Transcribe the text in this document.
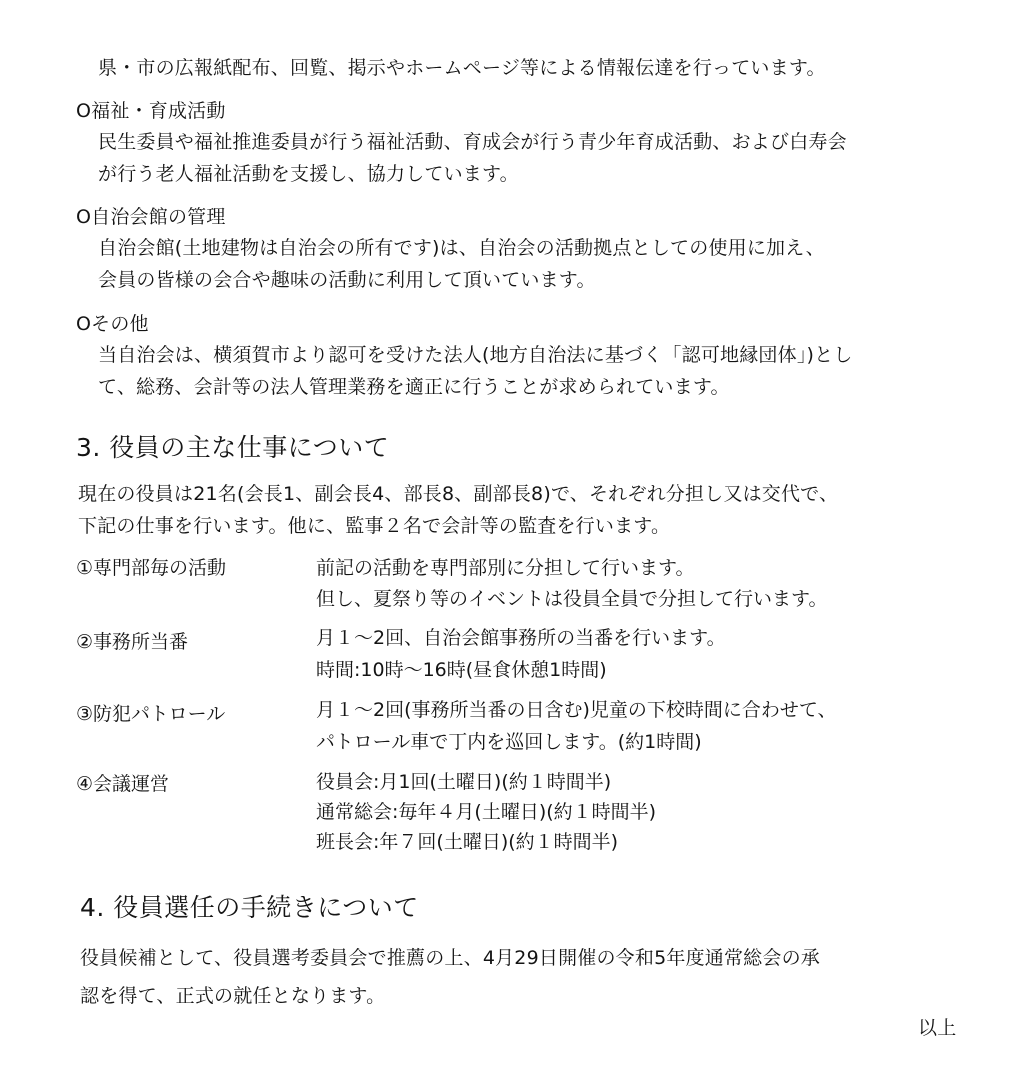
県・市の広報紙配布、回覧、掲示やホームページ等による情報伝達を行っています。
O福祉・育成活動
民生委員や福祉推進委員が行う福祉活動、育成会が行う青少年育成活動、および白寿会
が行う老人福祉活動を支援し、協力しています。
O自治会館の管理
自治会館(土地建物は自治会の所有です)は、自治会の活動拠点としての使用に加え、
会員の皆様の会合や趣味の活動に利用して頂いています。
Oその他
当自治会は、横須賀市より認可を受けた法人(地方自治法に基づく「認可地縁団体」)とし
て、総務、会計等の法人管理業務を適正に行うことが求められています。
3. 役員の主な仕事について
現在の役員は21名(会長1、副会長4、部長8、副部長8)で、それぞれ分担し又は交代で、
下記の仕事を行います。他に、監事２名で会計等の監査を行います。
①専門部毎の活動	前記の活動を専門部別に分担して行います。
但し、夏祭り等のイベントは役員全員で分担して行います。
②事務所当番	月１～2回、自治会館事務所の当番を行います。
時間:10時～16時(昼食休憩1時間)
③防犯パトロール	月１～2回(事務所当番の日含む)児童の下校時間に合わせて、
パトロール車で丁内を巡回します。(約1時間)
④会議運営	役員会:月1回(土曜日)(約１時間半)
通常総会:毎年４月(土曜日)(約１時間半)
班長会:年７回(土曜日)(約１時間半)
4. 役員選任の手続きについて
役員候補として、役員選考委員会で推薦の上、4月29日開催の令和5年度通常総会の承
認を得て、正式の就任となります。
以上
